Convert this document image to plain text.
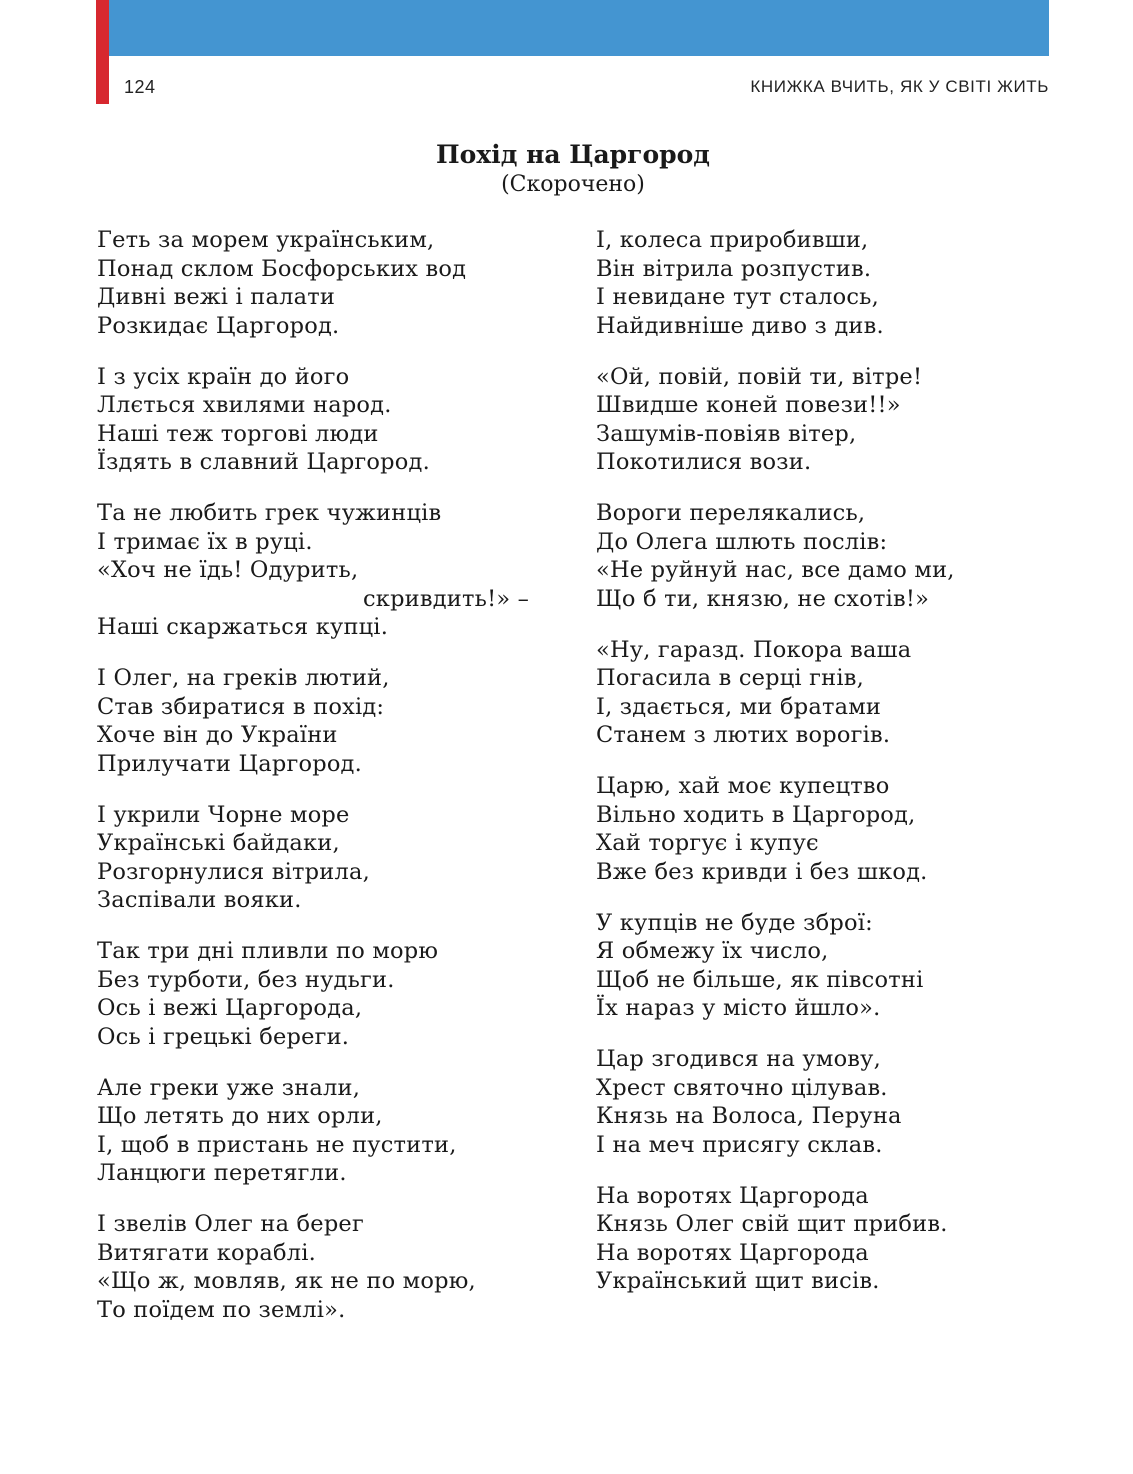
124	КНИЖКА ВЧИТЬ, ЯК У СВІТІ ЖИТЬ
Похід на Царгород
(Скорочено)
Геть за морем українським,
Понад склом Босфорських вод
Дивні вежі і палати
Розкидає Царгород.
І з усіх країн до його
Ллється хвилями народ.
Наші теж торгові люди
Їздять в славний Царгород.
Та не любить грек чужинців
І тримає їх в руці.
«Хоч не їдь! Одурить,
скривдить!» –
Наші скаржаться купці.
І Олег, на греків лютий,
Став збиратися в похід:
Хоче він до України
Прилучати Царгород.
І укрили Чорне море
Українські байдаки,
Розгорнулися вітрила,
Заспівали вояки.
Так три дні пливли по морю
Без турботи, без нудьги.
Ось і вежі Царгорода,
Ось і грецькі береги.
Але греки уже знали,
Що летять до них орли,
І, щоб в пристань не пустити,
Ланцюги перетягли.
І звелів Олег на берег
Витягати кораблі.
«Що ж, мовляв, як не по морю,
То поїдем по землі».
І, колеса приробивши,
Він вітрила розпустив.
І невидане тут сталось,
Найдивніше диво з див.
«Ой, повій, повій ти, вітре!
Швидше коней повези!!»
Зашумів-повіяв вітер,
Покотилися вози.
Вороги перелякались,
До Олега шлють послів:
«Не руйнуй нас, все дамо ми,
Що б ти, князю, не схотів!»
«Ну, гаразд. Покора ваша
Погасила в серці гнів,
І, здається, ми братами
Станем з лютих ворогів.
Царю, хай моє купецтво
Вільно ходить в Царгород,
Хай торгує і купує
Вже без кривди і без шкод.
У купців не буде зброї:
Я обмежу їх число,
Щоб не більше, як півсотні
Їх нараз у місто йшло».
Цар згодився на умову,
Хрест святочно цілував.
Князь на Волоса, Перуна
І на меч присягу склав.
На воротях Царгорода
Князь Олег свій щит прибив.
На воротях Царгорода
Український щит висів.
